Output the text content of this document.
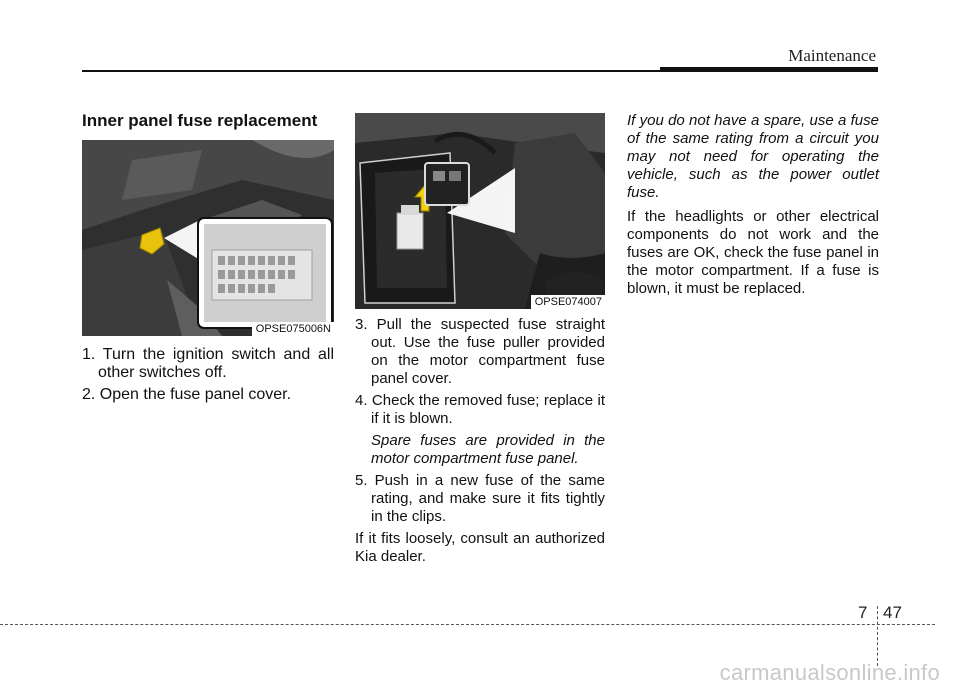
Maintenance
Inner panel fuse replacement
OPSE075006N
OPSE074007
1. Turn the ignition switch and all other switches off.
2. Open the fuse panel cover.
3. Pull the suspected fuse straight out. Use the fuse puller provided on the motor compartment fuse panel cover.
4. Check the removed fuse; replace it if it is blown.
Spare fuses are provided in the motor compartment fuse panel.
5. Push in a new fuse of the same rating, and make sure it fits tightly in the clips.
If it fits loosely, consult an authorized Kia dealer.
If you do not have a spare, use a fuse of the same rating from a circuit you may not need for operating the vehicle, such as the power outlet fuse.
If the headlights or other electrical components do not work and the fuses are OK, check the fuse panel in the motor compartment. If a fuse is blown, it must be replaced.
7 47
carmanualsonline.info
